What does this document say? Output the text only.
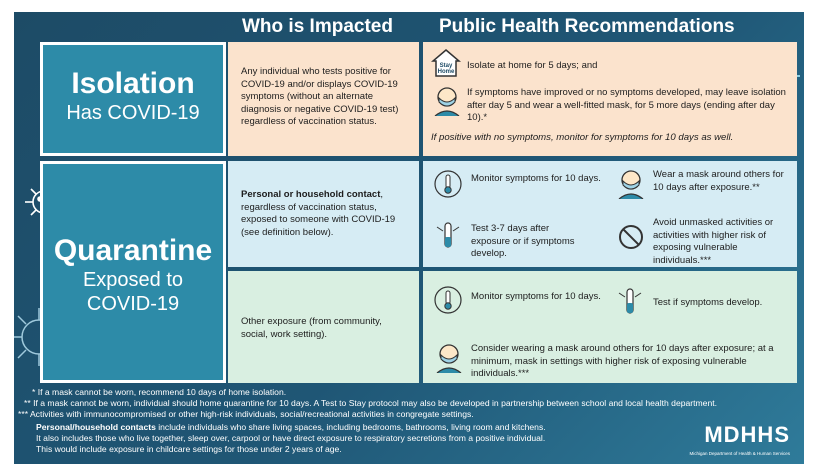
Who is Impacted Public Health Recommendations
Isolation
Has COVID-19
Any individual who tests positive for COVID-19 and/or displays COVID-19 symptoms (without an alternate diagnosis or negative COVID-19 test) regardless of vaccination status.
Stay
Home
Isolate at home for 5 days; and
If symptoms have improved or no symptoms developed, may leave isolation after day 5 and wear a well-fitted mask, for 5 more days (ending after day 10).*
If positive with no symptoms, monitor for symptoms for 10 days as well.
Quarantine
Exposed to
COVID-19
Personal or household contact, regardless of vaccination status, exposed to someone with COVID-19 (see definition below).
Monitor symptoms for 10 days.	Wear a mask around others for 10 days after exposure.**
Test 3-7 days after exposure or if symptoms develop.
Avoid unmasked activities or activities with higher risk of exposing vulnerable individuals.***
Other exposure (from community, social, work setting).
Monitor symptoms for 10 days.
Test if symptoms develop.
Consider wearing a mask around others for 10 days after exposure; at a minimum, mask in settings with higher risk of exposing vulnerable individuals.***
* If a mask cannot be worn, recommend 10 days of home isolation.
** If a mask cannot be worn, individual should home quarantine for 10 days. A Test to Stay protocol may also be developed in partnership between school and local health department.
*** Activities with immunocompromised or other high-risk individuals, social/recreational activities in congregate settings.
Personal/household contacts include individuals who share living spaces, including bedrooms, bathrooms, living room and kitchens.
It also includes those who live together, sleep over, carpool or have direct exposure to respiratory secretions from a positive individual.
This would include exposure in childcare settings for those under 2 years of age.
MDHHS
Michigan Department of Health & Human Services
